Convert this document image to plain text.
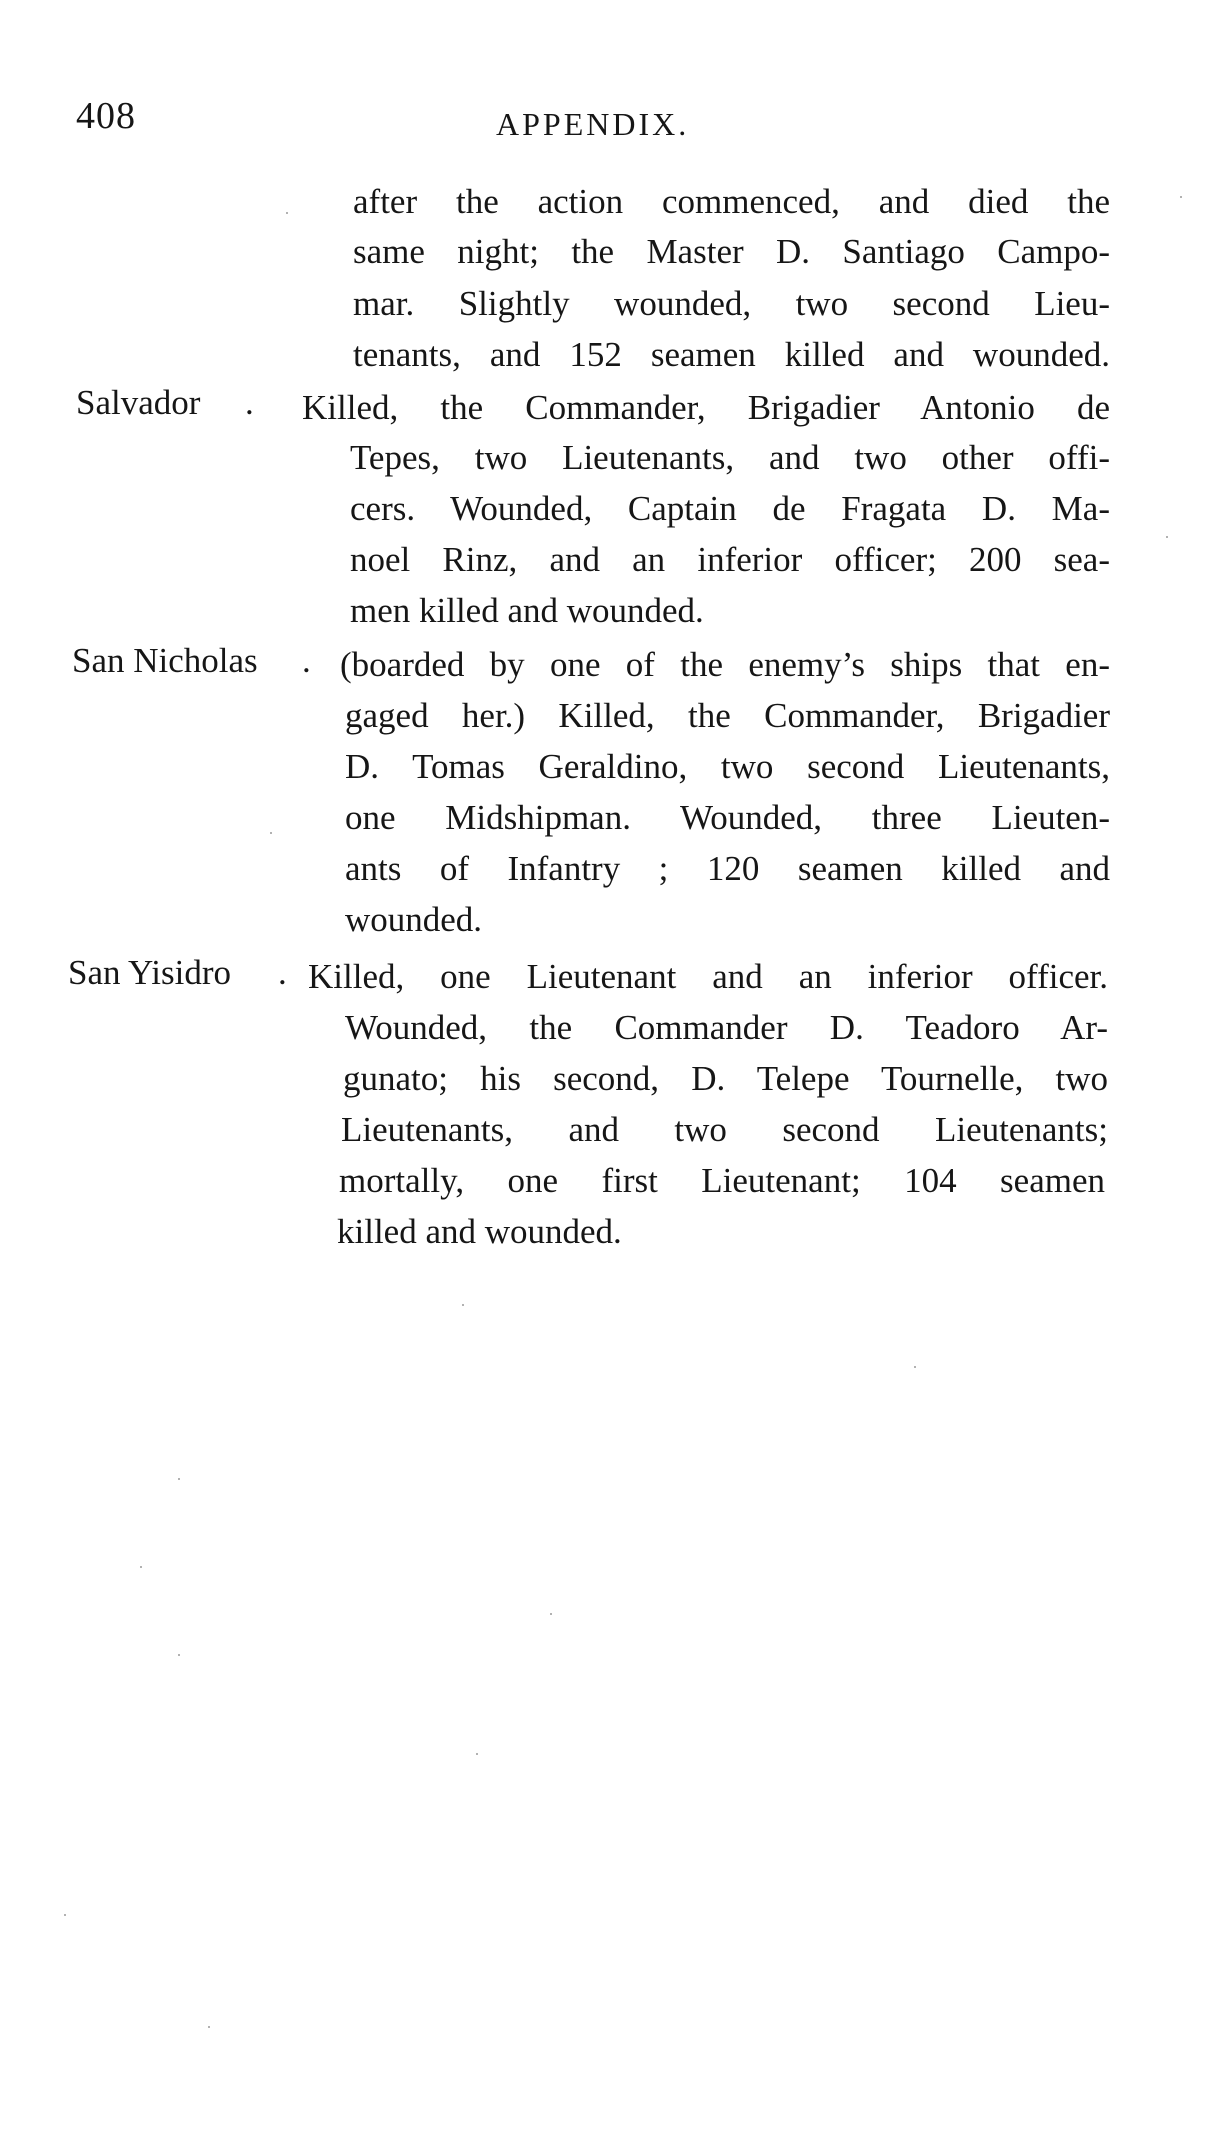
408	APPENDIX.
after the action commenced, and died the
same night; the Master D. Santiago Campo-
mar. Slightly wounded, two second Lieu-
tenants, and 152 seamen killed and wounded.
Salvador . Killed, the Commander, Brigadier Antonio de
Tepes, two Lieutenants, and two other offi-
cers. Wounded, Captain de Fragata D. Ma-
noel Rinz, and an inferior officer; 200 sea-
men killed and wounded.
San Nicholas . (boarded by one of the enemy’s ships that en-
gaged her.) Killed, the Commander, Brigadier
D. Tomas Geraldino, two second Lieutenants,
one Midshipman. Wounded, three Lieuten-
ants of Infantry ; 120 seamen killed and
wounded.
San Yisidro . Killed, one Lieutenant and an inferior officer.
Wounded, the Commander D. Teadoro Ar-
gunato; his second, D. Telepe Tournelle, two
Lieutenants, and two second Lieutenants;
mortally, one first Lieutenant; 104 seamen
killed and wounded.
